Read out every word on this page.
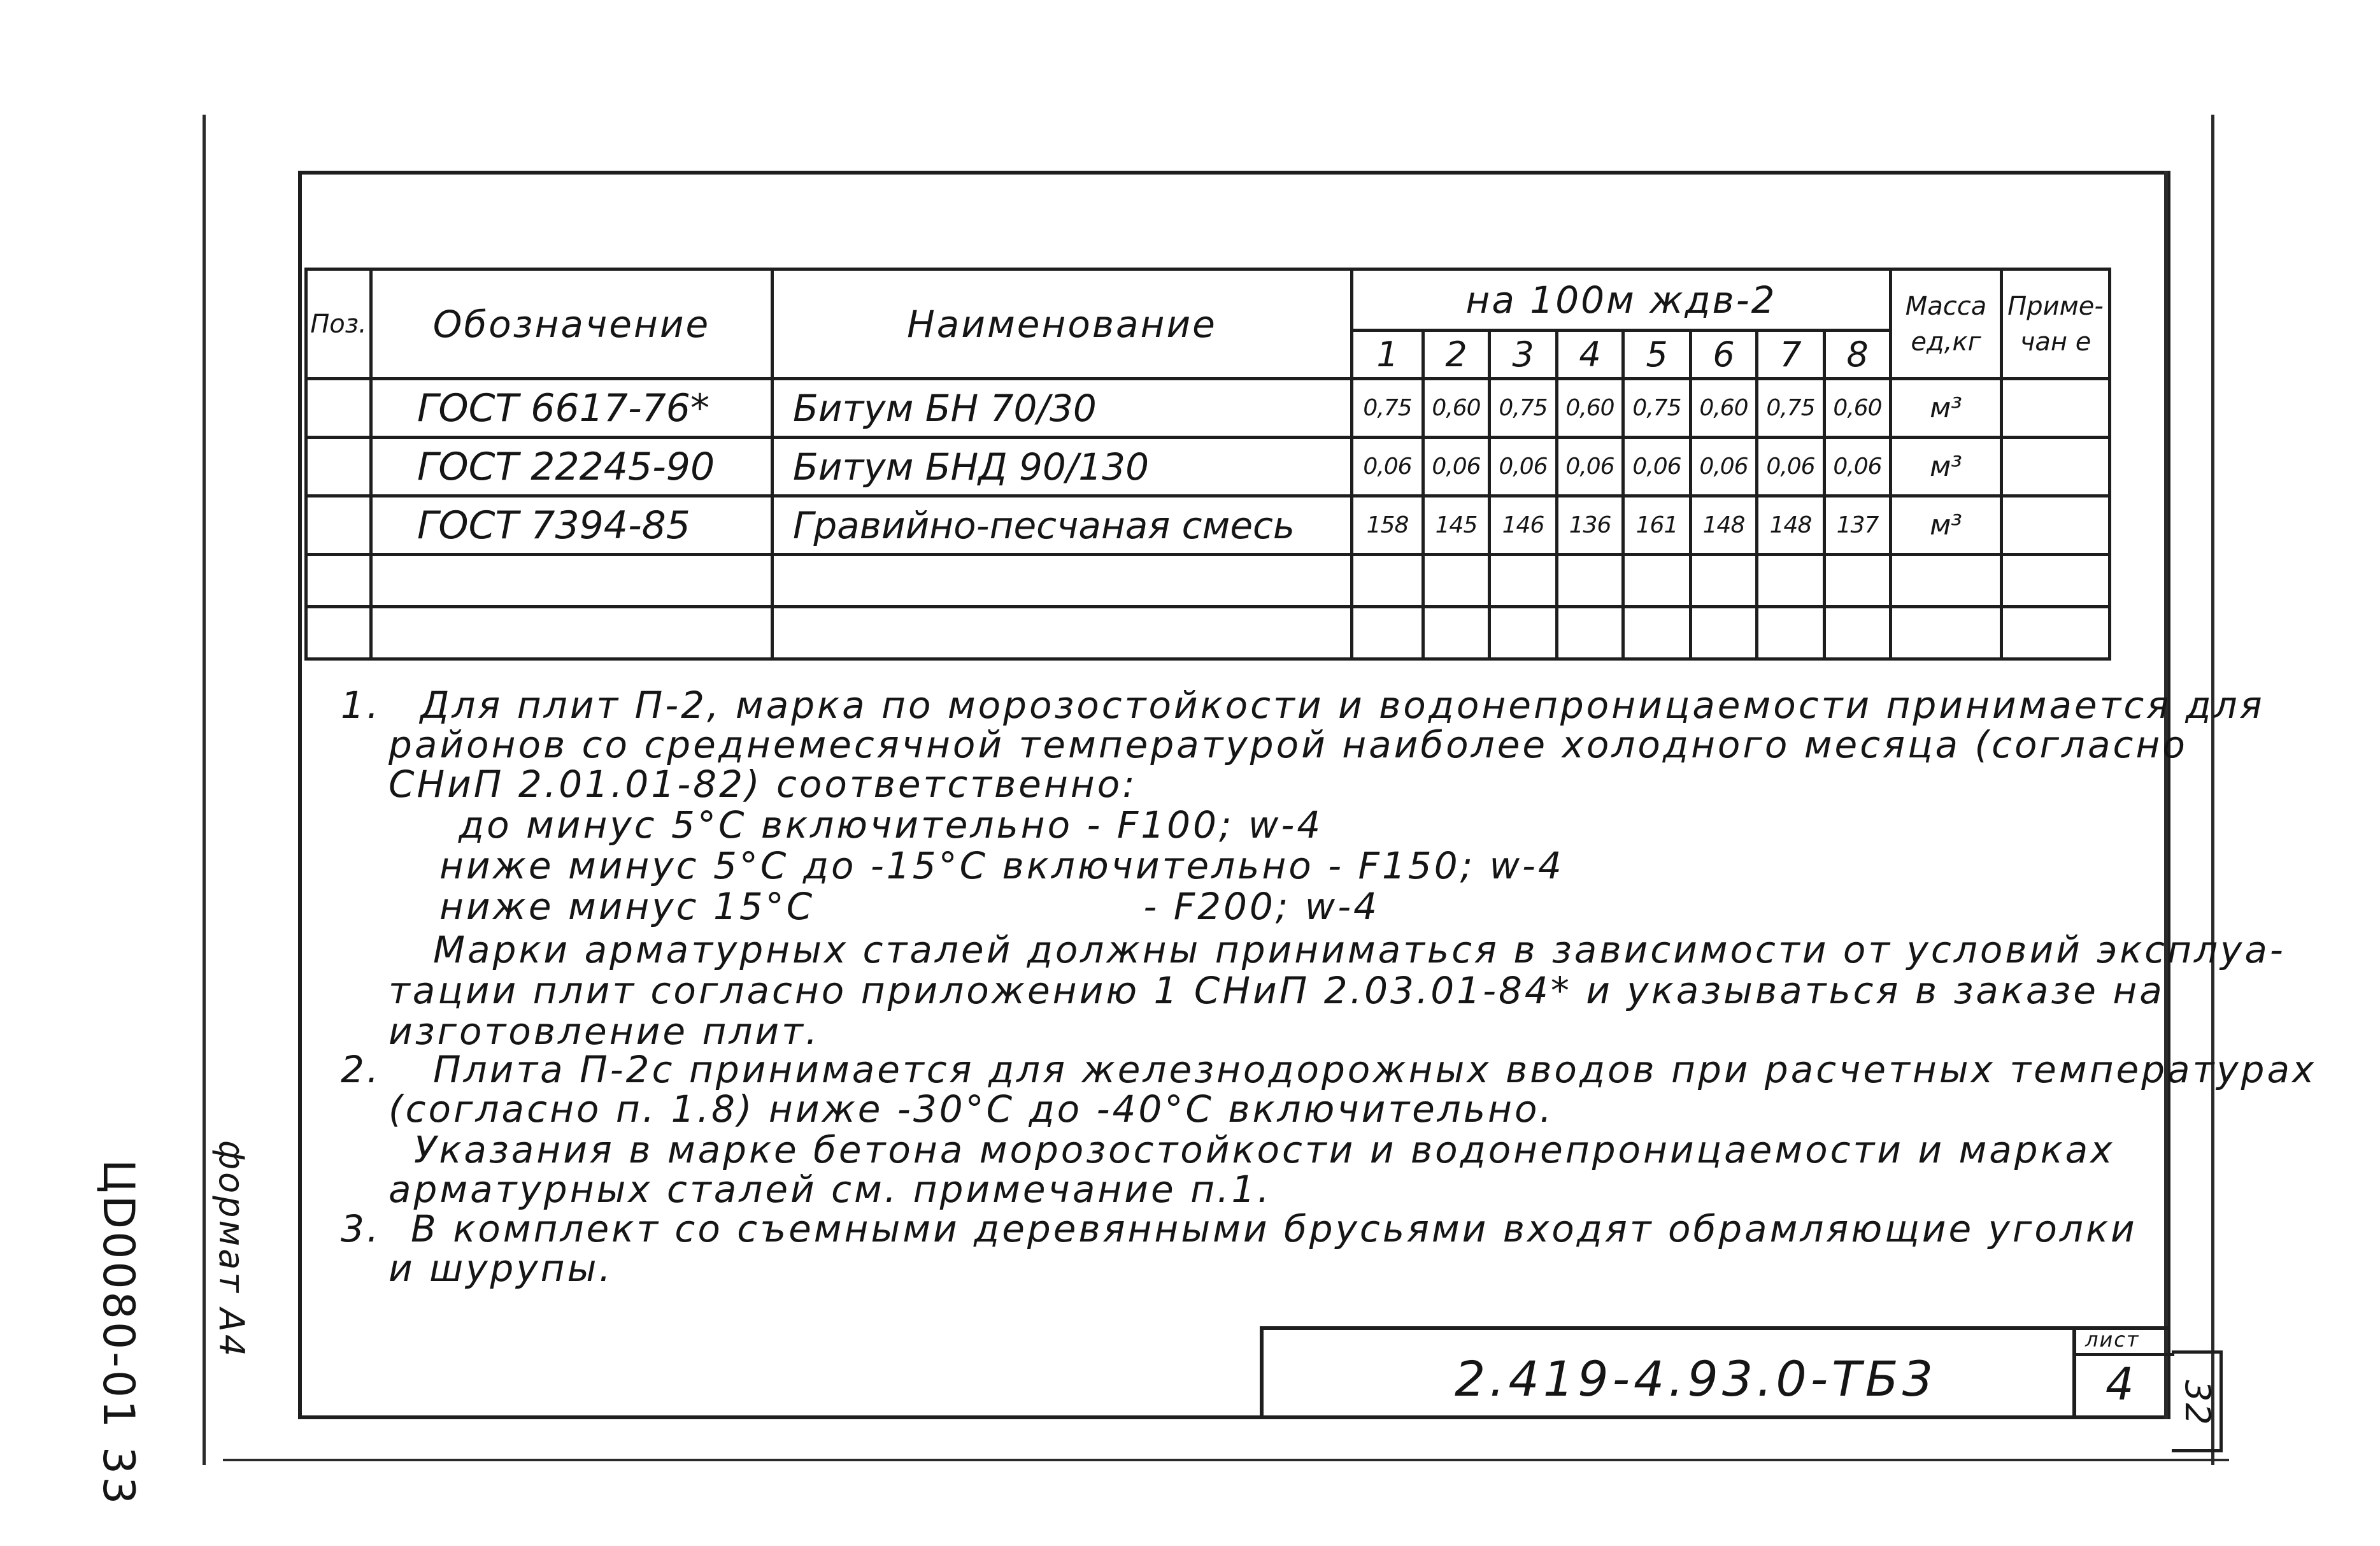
Поз.	Обозначение	Наименование	на 100м ждв-2								Масса ед,кг	Приме-чан е
			1	2	3	4	5	6	7	8		
	ГОСТ 6617-76*	Битум БН 70/30	0,75	0,60	0,75	0,60	0,75	0,60	0,75	0,60	м³	
	ГОСТ 22245-90	Битум БНД 90/130	0,06	0,06	0,06	0,06	0,06	0,06	0,06	0,06	м³	
	ГОСТ 7394-85	Гравийно-песчаная смесь	158	145	146	136	161	148	148	137	м³	

1. Для плит П-2, марка по морозостойкости и водонепроницаемости принимается для
районов со среднемесячной температурой наиболее холодного месяца (согласно
СНиП 2.01.01-82) соответственно:
до минус 5°С включительно - F100; w-4
ниже минус 5°С до -15°С включительно - F150; w-4
ниже минус 15°С                       - F200; w-4
Марки арматурных сталей должны приниматься в зависимости от условий эксплуа-
тации плит согласно приложению 1 СНиП 2.03.01-84* и указываться в заказе на
изготовление плит.
2. Плита П-2с принимается для железнодорожных вводов при расчетных температурах
(согласно п. 1.8) ниже -30°С до -40°С включительно.
Указания в марке бетона морозостойкости и водонепроницаемости и марках
арматурных сталей см. примечание п.1.
3. В комплект со съемными деревянными брусьями входят обрамляющие уголки
и шурупы.
2.419-4.93.0-ТБ3
лист
4 32
ЦD0080-01 33 формат А4
